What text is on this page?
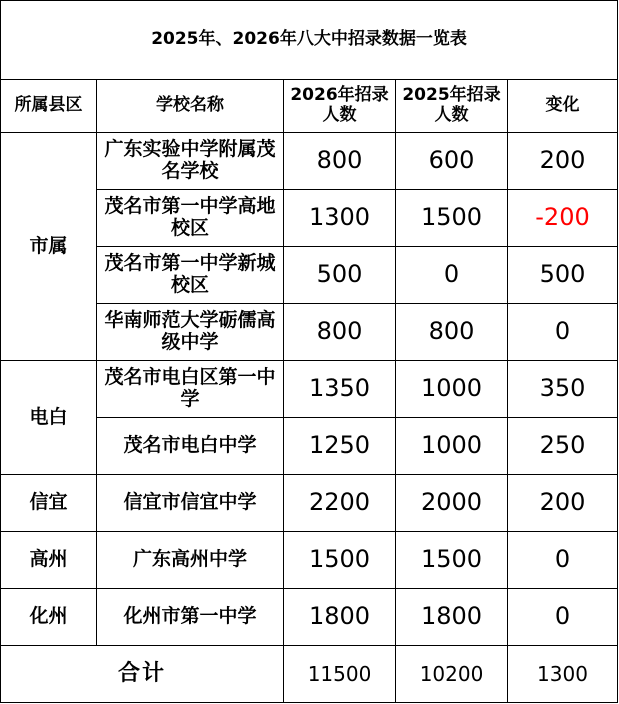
2025年、2026年八大中招录数据一览表				
所属县区	学校名称	2026年招录人数	2025年招录人数	变化
市属	广东实验中学附属茂名学校	800	600	200
	茂名市第一中学高地校区	1300	1500	-200
	茂名市第一中学新城校区	500	0	500
	华南师范大学砺儒高级中学	800	800	0
电白	茂名市电白区第一中学	1350	1000	350
	茂名市电白中学	1250	1000	250
信宜	信宜市信宜中学	2200	2000	200
高州	广东高州中学	1500	1500	0
化州	化州市第一中学	1800	1800	0
合计		11500	10200	1300
